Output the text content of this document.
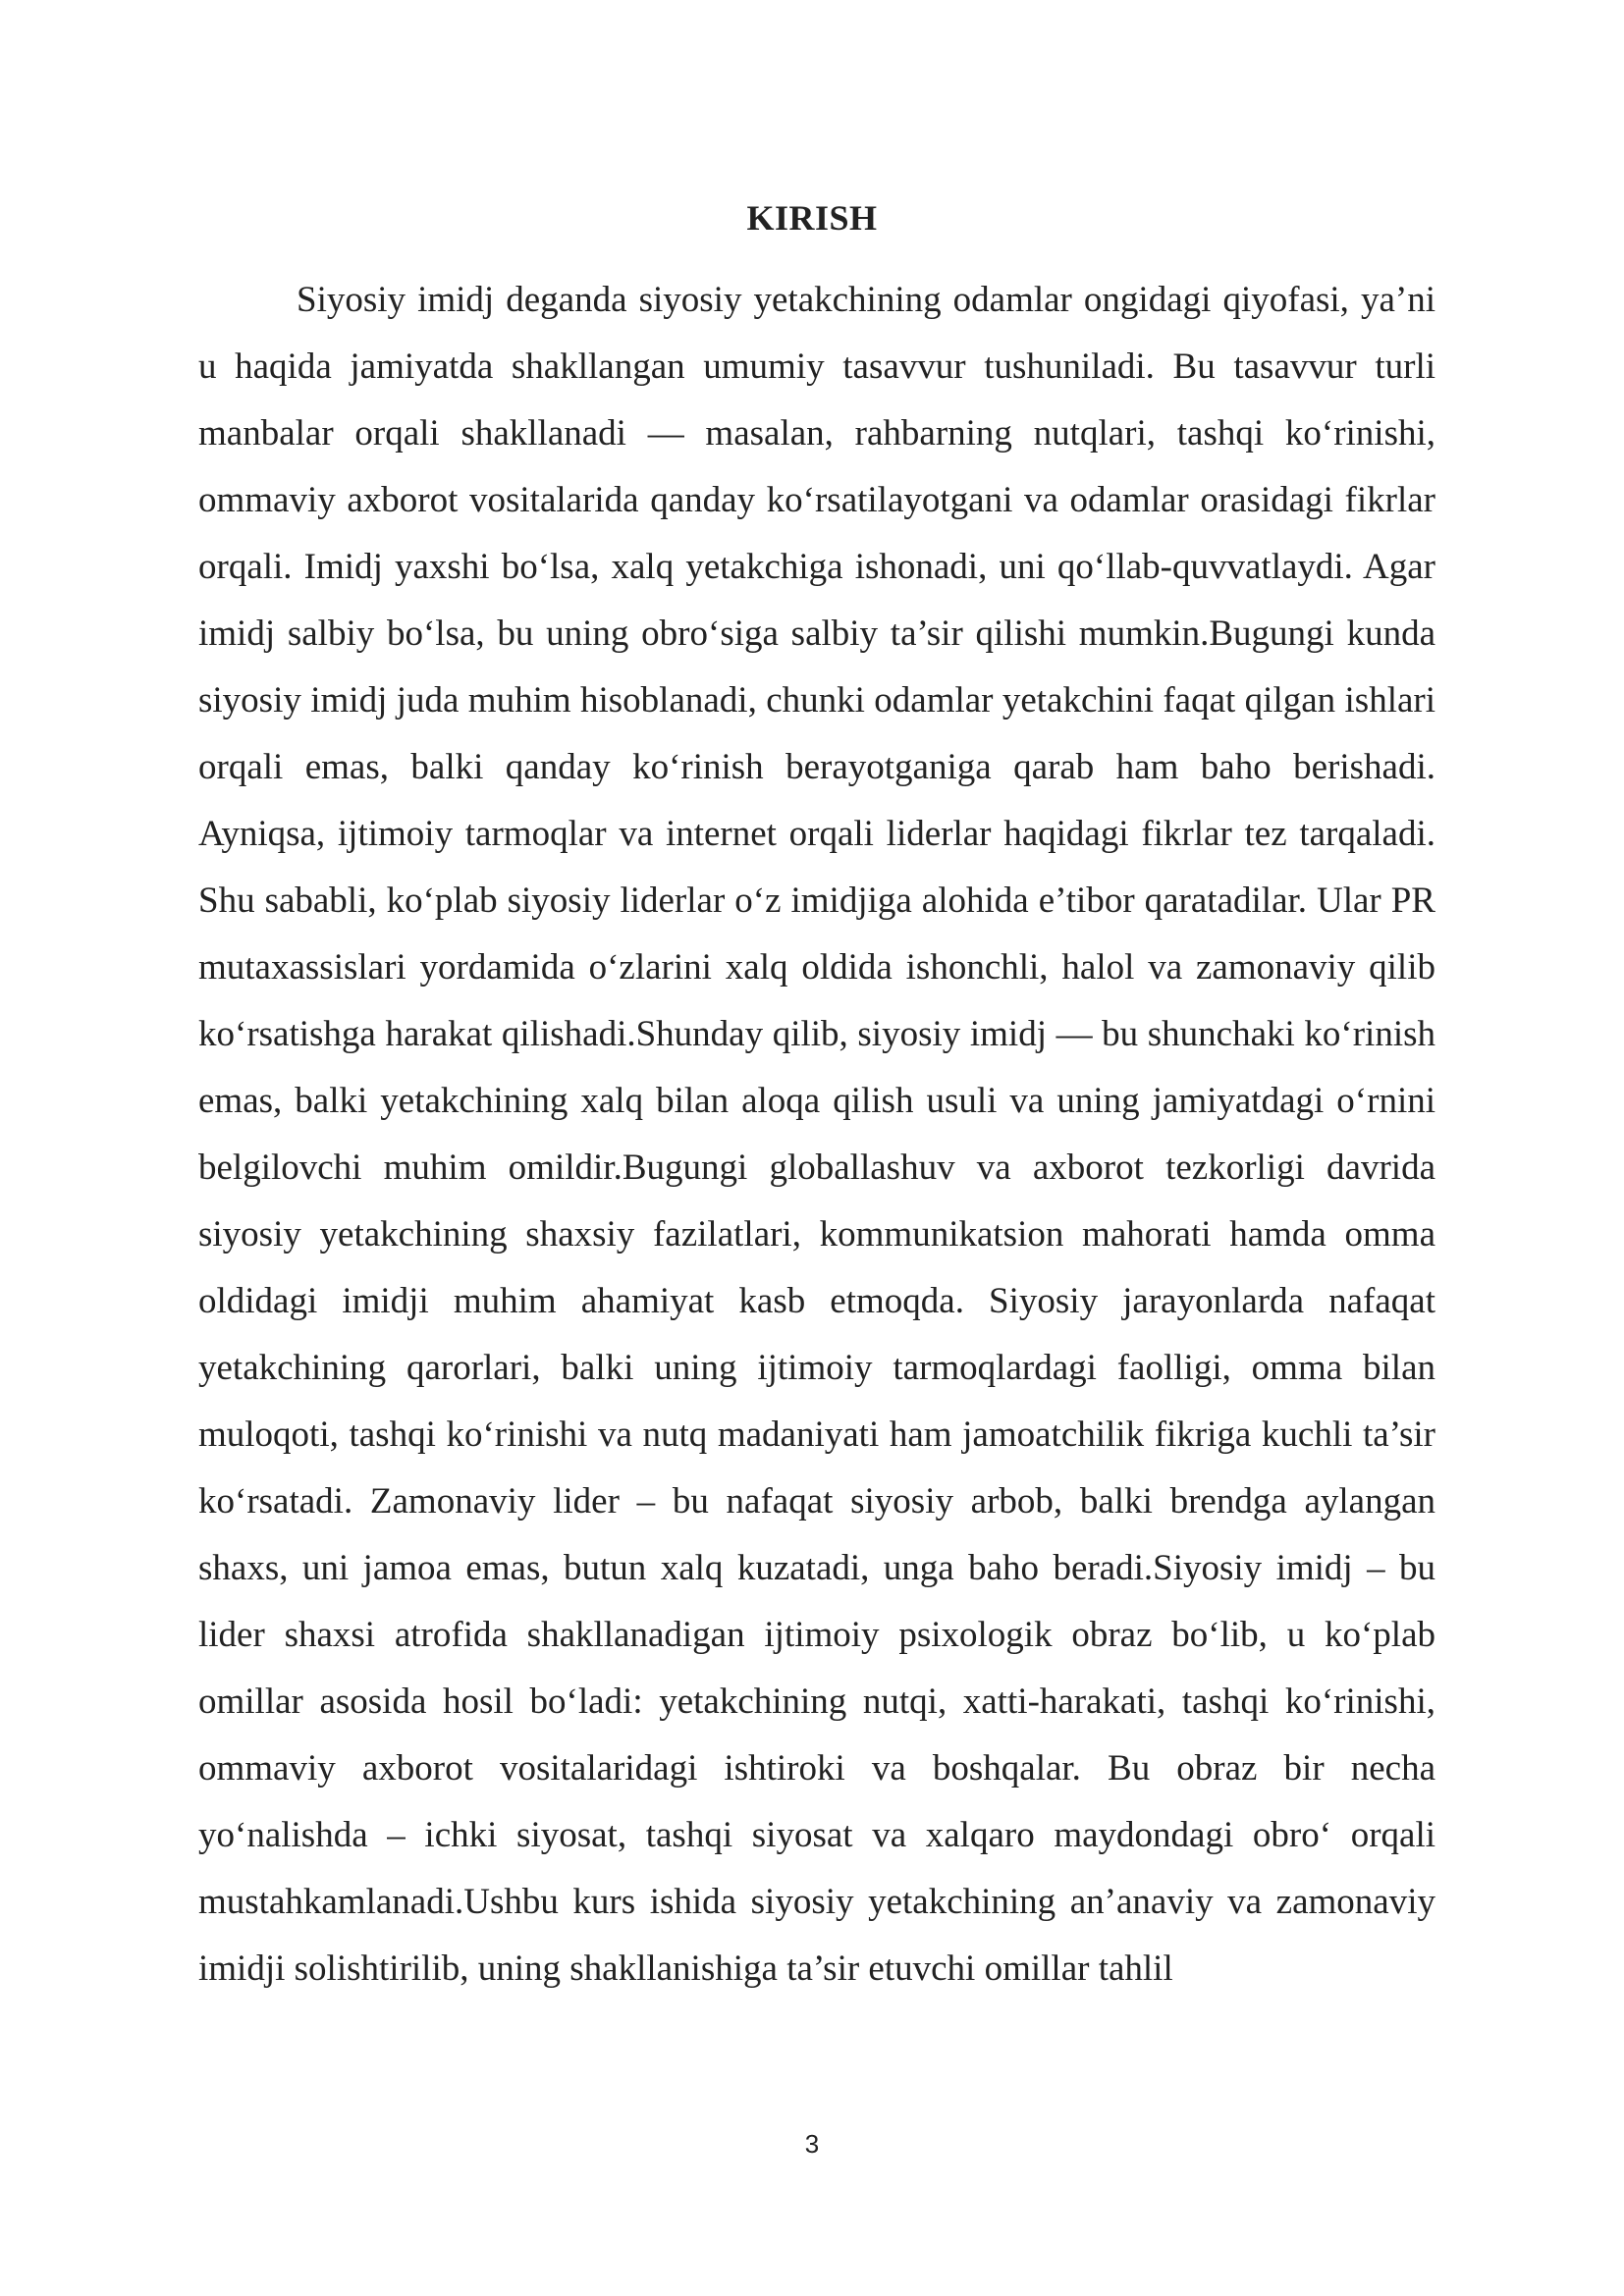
KIRISH

Siyosiy imidj deganda siyosiy yetakchining odamlar ongidagi qiyofasi, ya’ni u haqida jamiyatda shakllangan umumiy tasavvur tushuniladi. Bu tasavvur turli manbalar orqali shakllanadi — masalan, rahbarning nutqlari, tashqi ko‘rinishi, ommaviy axborot vositalarida qanday ko‘rsatilayotgani va odamlar orasidagi fikrlar orqali. Imidj yaxshi bo‘lsa, xalq yetakchiga ishonadi, uni qo‘llab-quvvatlaydi. Agar imidj salbiy bo‘lsa, bu uning obro‘siga salbiy ta’sir qilishi mumkin.Bugungi kunda siyosiy imidj juda muhim hisoblanadi, chunki odamlar yetakchini faqat qilgan ishlari orqali emas, balki qanday ko‘rinish berayotganiga qarab ham baho berishadi. Ayniqsa, ijtimoiy tarmoqlar va internet orqali liderlar haqidagi fikrlar tez tarqaladi. Shu sababli, ko‘plab siyosiy liderlar o‘z imidjiga alohida e’tibor qaratadilar. Ular PR mutaxassislari yordamida o‘zlarini xalq oldida ishonchli, halol va zamonaviy qilib ko‘rsatishga harakat qilishadi.Shunday qilib, siyosiy imidj — bu shunchaki ko‘rinish emas, balki yetakchining xalq bilan aloqa qilish usuli va uning jamiyatdagi o‘rnini belgilovchi muhim omildir.Bugungi globallashuv va axborot tezkorligi davrida siyosiy yetakchining shaxsiy fazilatlari, kommunikatsion mahorati hamda omma oldidagi imidji muhim ahamiyat kasb etmoqda. Siyosiy jarayonlarda nafaqat yetakchining qarorlari, balki uning ijtimoiy tarmoqlardagi faolligi, omma bilan muloqoti, tashqi ko‘rinishi va nutq madaniyati ham jamoatchilik fikriga kuchli ta’sir ko‘rsatadi. Zamonaviy lider – bu nafaqat siyosiy arbob, balki brendga aylangan shaxs, uni jamoa emas, butun xalq kuzatadi, unga baho beradi.Siyosiy imidj – bu lider shaxsi atrofida shakllanadigan ijtimoiy psixologik obraz bo‘lib, u ko‘plab omillar asosida hosil bo‘ladi: yetakchining nutqi, xatti-harakati, tashqi ko‘rinishi, ommaviy axborot vositalaridagi ishtiroki va boshqalar. Bu obraz bir necha yo‘nalishda – ichki siyosat, tashqi siyosat va xalqaro maydondagi obro‘ orqali mustahkamlanadi.Ushbu kurs ishida siyosiy yetakchining an’anaviy va zamonaviy imidji solishtirilib, uning shakllanishiga ta’sir etuvchi omillar tahlil

3
